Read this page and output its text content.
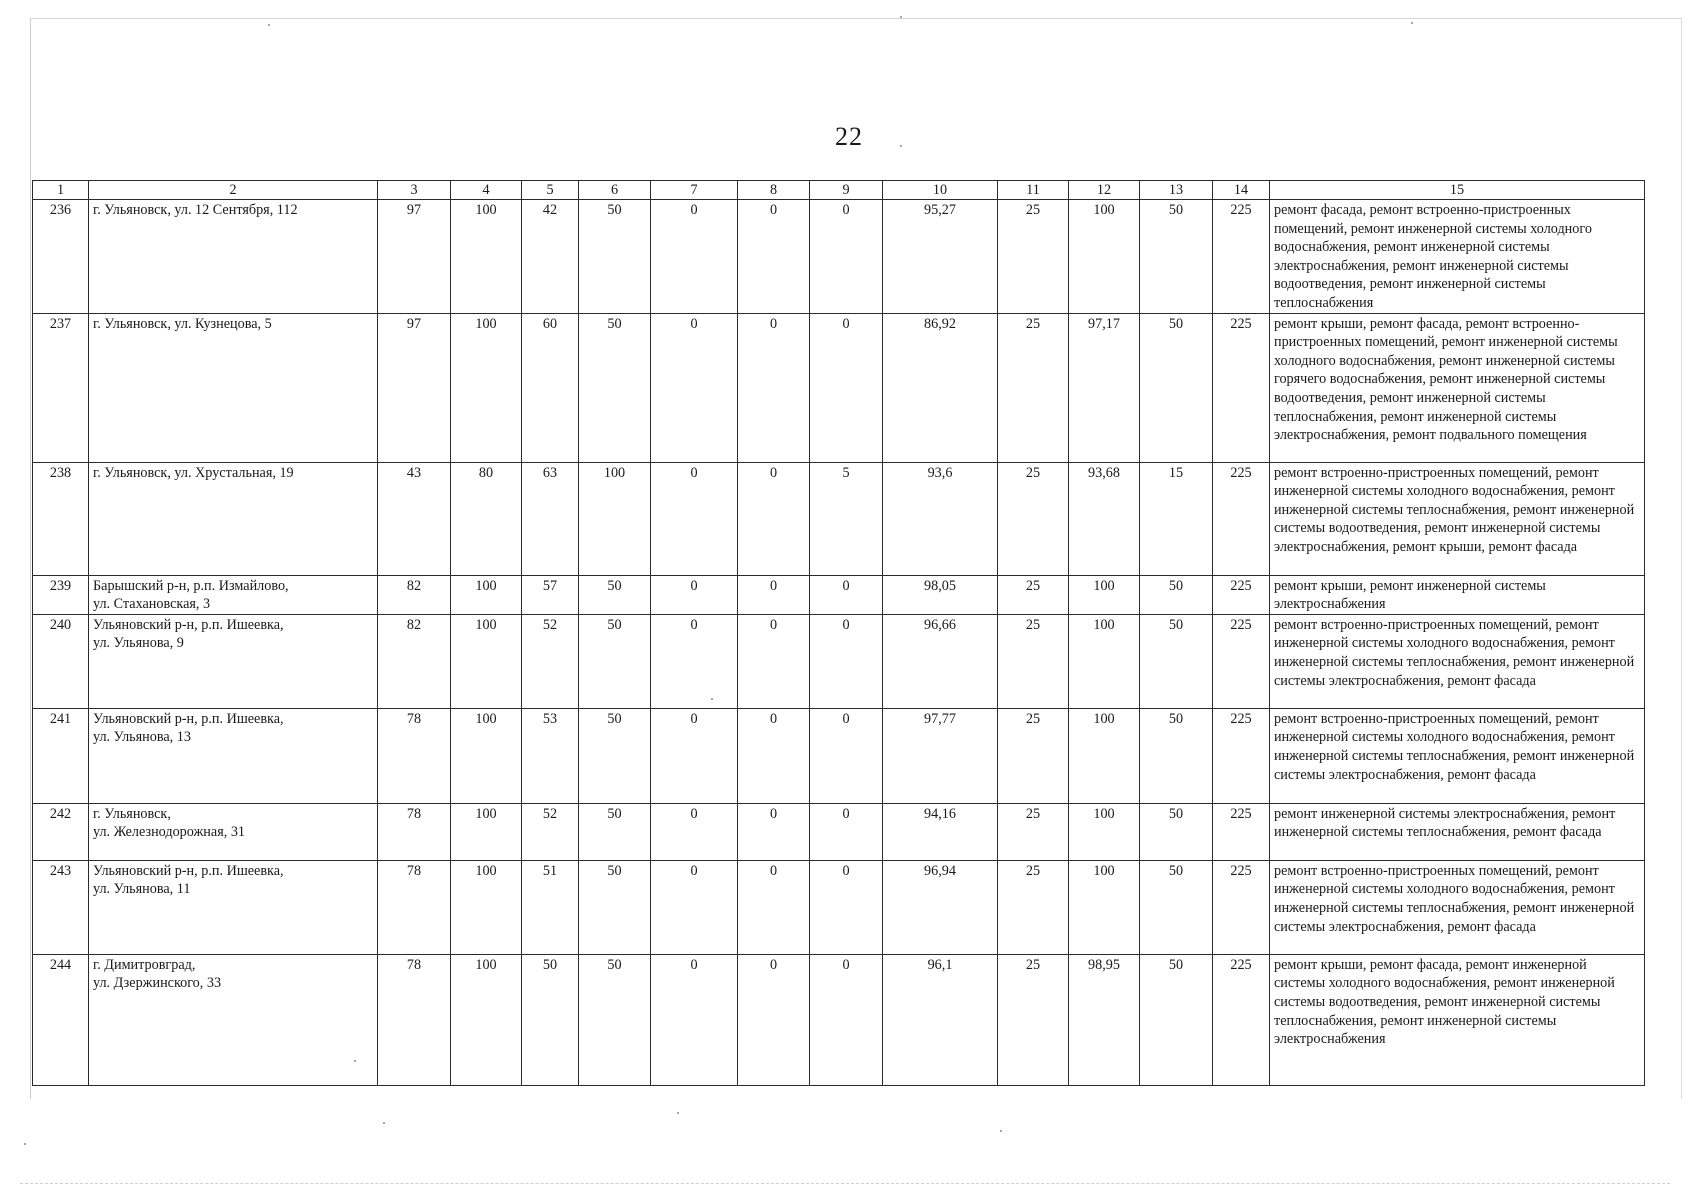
22
1	2	3	4	5	6	7	8	9	10	11	12	13	14	15
236	г. Ульяновск, ул. 12 Сентября, 112	97	100	42	50	0	0	0	95,27	25	100	50	225	ремонт фасада, ремонт встроенно-пристроенных помещений, ремонт инженерной системы холодного водоснабжения, ремонт инженерной системы электроснабжения, ремонт инженерной системы водоотведения, ремонт инженерной системы теплоснабжения
237	г. Ульяновск, ул. Кузнецова, 5	97	100	60	50	0	0	0	86,92	25	97,17	50	225	ремонт крыши, ремонт фасада, ремонт встроенно-пристроенных помещений, ремонт инженерной системы холодного водоснабжения, ремонт инженерной системы горячего водоснабжения, ремонт инженерной системы водоотведения, ремонт инженерной системы теплоснабжения, ремонт инженерной системы электроснабжения, ремонт подвального помещения
238	г. Ульяновск, ул. Хрустальная, 19	43	80	63	100	0	0	5	93,6	25	93,68	15	225	ремонт встроенно-пристроенных помещений, ремонт инженерной системы холодного водоснабжения, ремонт инженерной системы теплоснабжения, ремонт инженерной системы водоотведения, ремонт инженерной системы электроснабжения, ремонт крыши, ремонт фасада
239	Барышский р-н, р.п. Измайлово,
ул. Стахановская, 3	82	100	57	50	0	0	0	98,05	25	100	50	225	ремонт крыши, ремонт инженерной системы электроснабжения
240	Ульяновский р-н, р.п. Ишеевка,
ул. Ульянова, 9	82	100	52	50	0	0	0	96,66	25	100	50	225	ремонт встроенно-пристроенных помещений, ремонт инженерной системы холодного водоснабжения, ремонт инженерной системы теплоснабжения, ремонт инженерной системы электроснабжения, ремонт фасада
241	Ульяновский р-н, р.п. Ишеевка,
ул. Ульянова, 13	78	100	53	50	0	0	0	97,77	25	100	50	225	ремонт встроенно-пристроенных помещений, ремонт инженерной системы холодного водоснабжения, ремонт инженерной системы теплоснабжения, ремонт инженерной системы электроснабжения, ремонт фасада
242	г. Ульяновск,
ул. Железнодорожная, 31	78	100	52	50	0	0	0	94,16	25	100	50	225	ремонт инженерной системы электроснабжения, ремонт инженерной системы теплоснабжения, ремонт фасада
243	Ульяновский р-н, р.п. Ишеевка,
ул. Ульянова, 11	78	100	51	50	0	0	0	96,94	25	100	50	225	ремонт встроенно-пристроенных помещений, ремонт инженерной системы холодного водоснабжения, ремонт инженерной системы теплоснабжения, ремонт инженерной системы электроснабжения, ремонт фасада
244	г. Димитровград,
ул. Дзержинского, 33	78	100	50	50	0	0	0	96,1	25	98,95	50	225	ремонт крыши, ремонт фасада, ремонт инженерной системы холодного водоснабжения, ремонт инженерной системы водоотведения, ремонт инженерной системы теплоснабжения, ремонт инженерной системы электроснабжения
